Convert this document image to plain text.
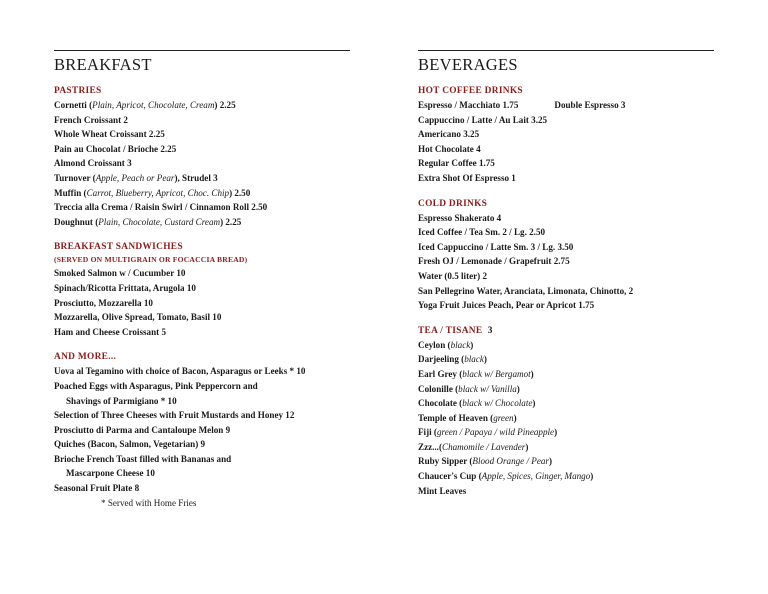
BREAKFAST
PASTRIES
Cornetti (Plain, Apricot, Chocolate, Cream) 2.25
French Croissant 2
Whole Wheat Croissant 2.25
Pain au Chocolat / Brioche 2.25
Almond Croissant 3
Turnover (Apple, Peach or Pear), Strudel 3
Muffin (Carrot, Blueberry, Apricot, Choc. Chip) 2.50
Treccia alla Crema / Raisin Swirl / Cinnamon Roll 2.50
Doughnut (Plain, Chocolate, Custard Cream) 2.25
BREAKFAST SANDWICHES
(SERVED ON MULTIGRAIN OR FOCACCIA BREAD)
Smoked Salmon w / Cucumber 10
Spinach/Ricotta Frittata, Arugola 10
Prosciutto, Mozzarella 10
Mozzarella, Olive Spread, Tomato, Basil 10
Ham and Cheese Croissant 5
AND MORE...
Uova al Tegamino with choice of Bacon, Asparagus or Leeks * 10
Poached Eggs with Asparagus, Pink Peppercorn and
Shavings of Parmigiano * 10
Selection of Three Cheeses with Fruit Mustards and Honey 12
Prosciutto di Parma and Cantaloupe Melon 9
Quiches (Bacon, Salmon, Vegetarian) 9
Brioche French Toast filled with Bananas and
Mascarpone Cheese 10
Seasonal Fruit Plate 8
* Served with Home Fries
BEVERAGES
HOT COFFEE DRINKS
Espresso / Macchiato 1.75	Double Espresso 3
Cappuccino / Latte / Au Lait 3.25
Americano 3.25
Hot Chocolate 4
Regular Coffee 1.75
Extra Shot Of Espresso 1
COLD DRINKS
Espresso Shakerato 4
Iced Coffee / Tea Sm. 2 / Lg. 2.50
Iced Cappuccino / Latte Sm. 3 / Lg. 3.50
Fresh OJ / Lemonade / Grapefruit 2.75
Water (0.5 liter) 2
San Pellegrino Water, Aranciata, Limonata, Chinotto, 2
Yoga Fruit Juices Peach, Pear or Apricot 1.75
TEA / TISANE 3
Ceylon (black)
Darjeeling (black)
Earl Grey (black w/ Bergamot)
Colonille (black w/ Vanilla)
Chocolate (black w/ Chocolate)
Temple of Heaven (green)
Fiji (green / Papaya / wild Pineapple)
Zzz...(Chamomile / Lavender)
Ruby Sipper (Blood Orange / Pear)
Chaucer's Cup (Apple, Spices, Ginger, Mango)
Mint Leaves
